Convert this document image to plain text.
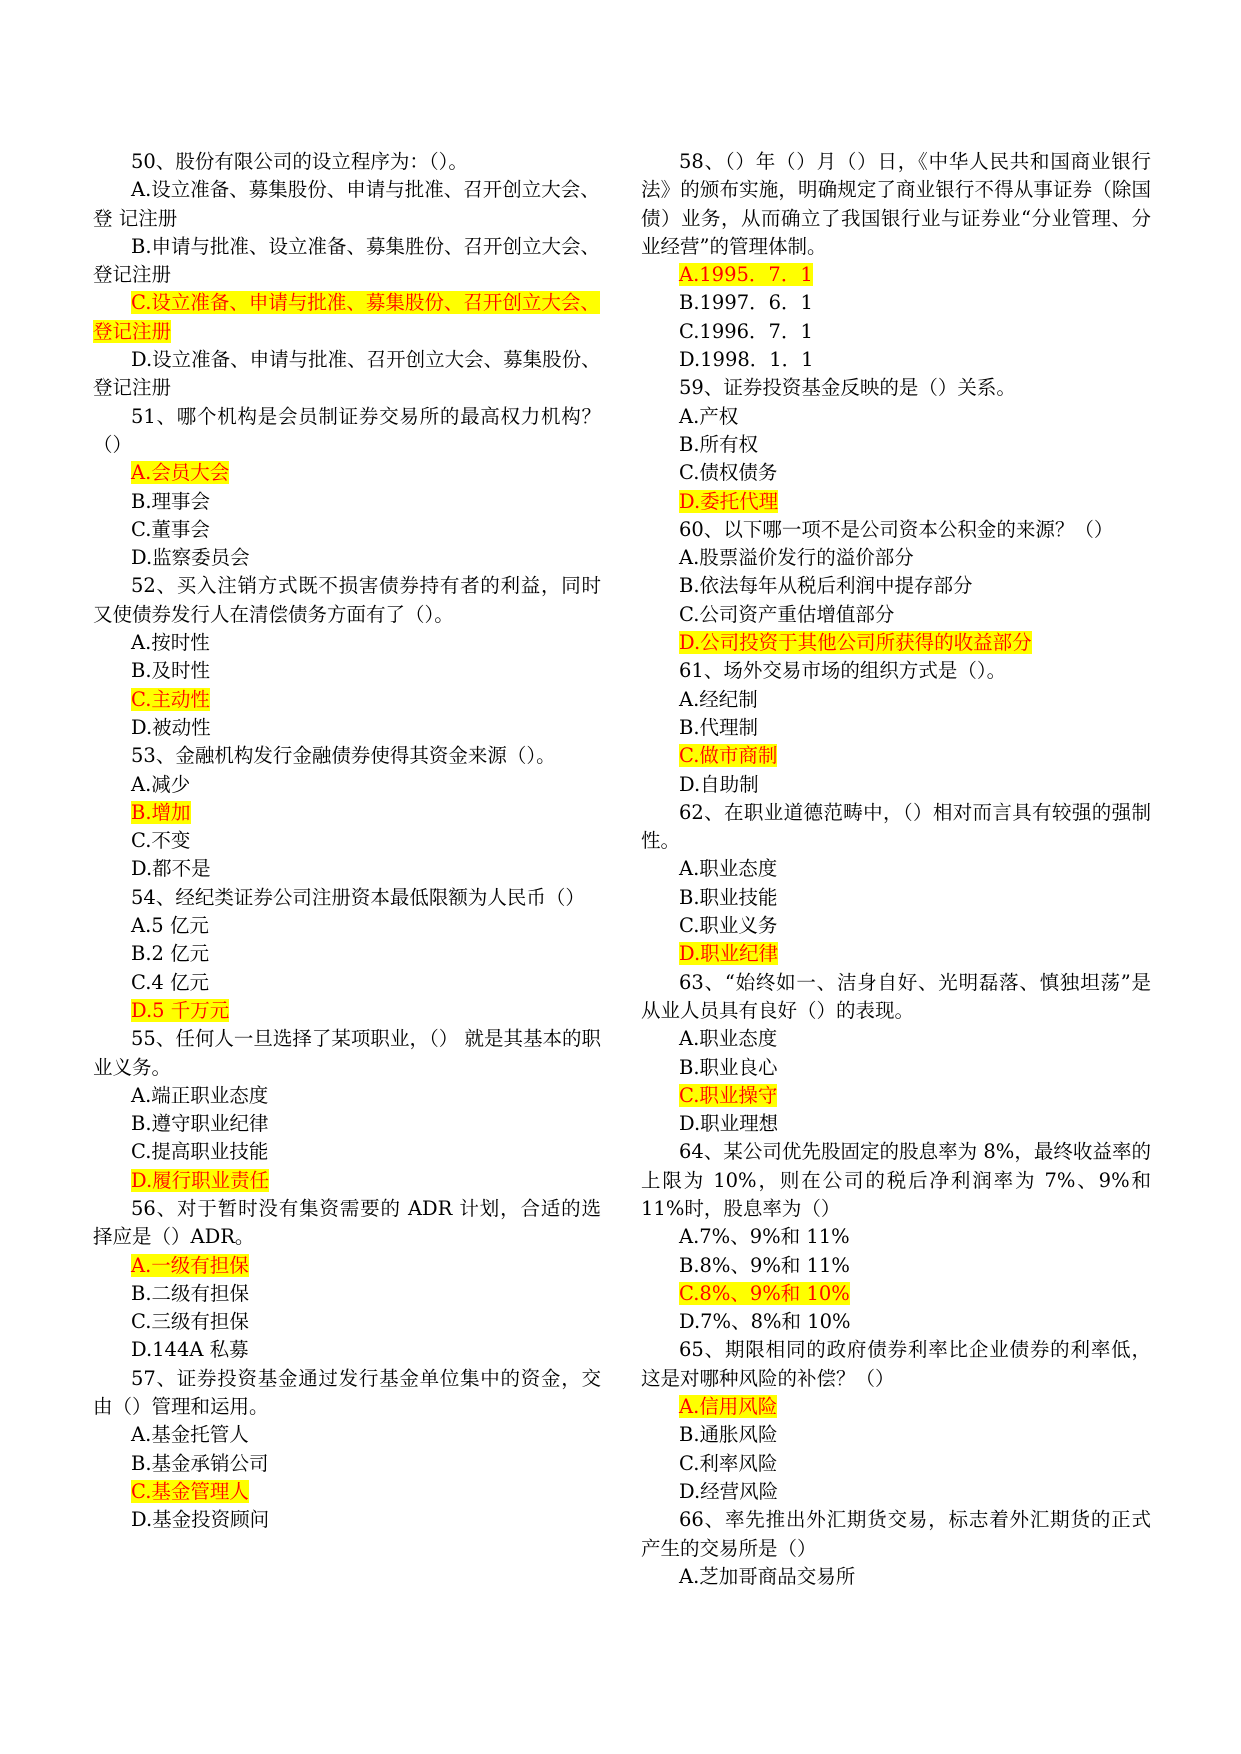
50、股份有限公司的设立程序为：（）。
A.设立准备、募集股份、申请与批准、召开创立大会、登 记注册
B.申请与批准、设立准备、募集胜份、召开创立大会、登记注册
C.设立准备、申请与批准、募集股份、召开创立大会、登记注册
D.设立准备、申请与批准、召开创立大会、募集股份、登记注册
51、哪个机构是会员制证券交易所的最高权力机构？（）
A.会员大会
B.理事会
C.董事会
D.监察委员会
52、买入注销方式既不损害债券持有者的利益，同时又使债券发行人在清偿债务方面有了（）。
A.按时性
B.及时性
C.主动性
D.被动性
53、金融机构发行金融债券使得其资金来源（）。
A.减少
B.增加
C.不变
D.都不是
54、经纪类证券公司注册资本最低限额为人民币（）
A.5 亿元
B.2 亿元
C.4 亿元
D.5 千万元
55、任何人一旦选择了某项职业，（） 就是其基本的职业义务。
A.端正职业态度
B.遵守职业纪律
C.提高职业技能
D.履行职业责任
56、对于暂时没有集资需要的 ADR 计划，合适的选择应是（）ADR。
A.一级有担保
B.二级有担保
C.三级有担保
D.144A 私募
57、证券投资基金通过发行基金单位集中的资金，交由（）管理和运用。
A.基金托管人
B.基金承销公司
C.基金管理人
D.基金投资顾问
58、（）年（）月（）日，《中华人民共和国商业银行法》的颁布实施，明确规定了商业银行不得从事证券（除国债）业务，从而确立了我国银行业与证券业“分业管理、分业经营”的管理体制。
A.1995．7．1
B.1997．6．1
C.1996．7．1
D.1998．1．1
59、证券投资基金反映的是（）关系。
A.产权
B.所有权
C.债权债务
D.委托代理
60、以下哪一项不是公司资本公积金的来源？（）
A.股票溢价发行的溢价部分
B.依法每年从税后利润中提存部分
C.公司资产重估增值部分
D.公司投资于其他公司所获得的收益部分
61、场外交易市场的组织方式是（）。
A.经纪制
B.代理制
C.做市商制
D.自助制
62、在职业道德范畴中，（）相对而言具有较强的强制性。
A.职业态度
B.职业技能
C.职业义务
D.职业纪律
63、“始终如一、洁身自好、光明磊落、慎独坦荡”是从业人员具有良好（）的表现。
A.职业态度
B.职业良心
C.职业操守
D.职业理想
64、某公司优先股固定的股息率为 8%，最终收益率的上限为 10%，则在公司的税后净利润率为 7%、9%和 11%时，股息率为（）
A.7%、9%和 11%
B.8%、9%和 11%
C.8%、9%和 10%
D.7%、8%和 10%
65、期限相同的政府债券利率比企业债券的利率低，这是对哪种风险的补偿？（）
A.信用风险
B.通胀风险
C.利率风险
D.经营风险
66、率先推出外汇期货交易，标志着外汇期货的正式产生的交易所是（）
A.芝加哥商品交易所
